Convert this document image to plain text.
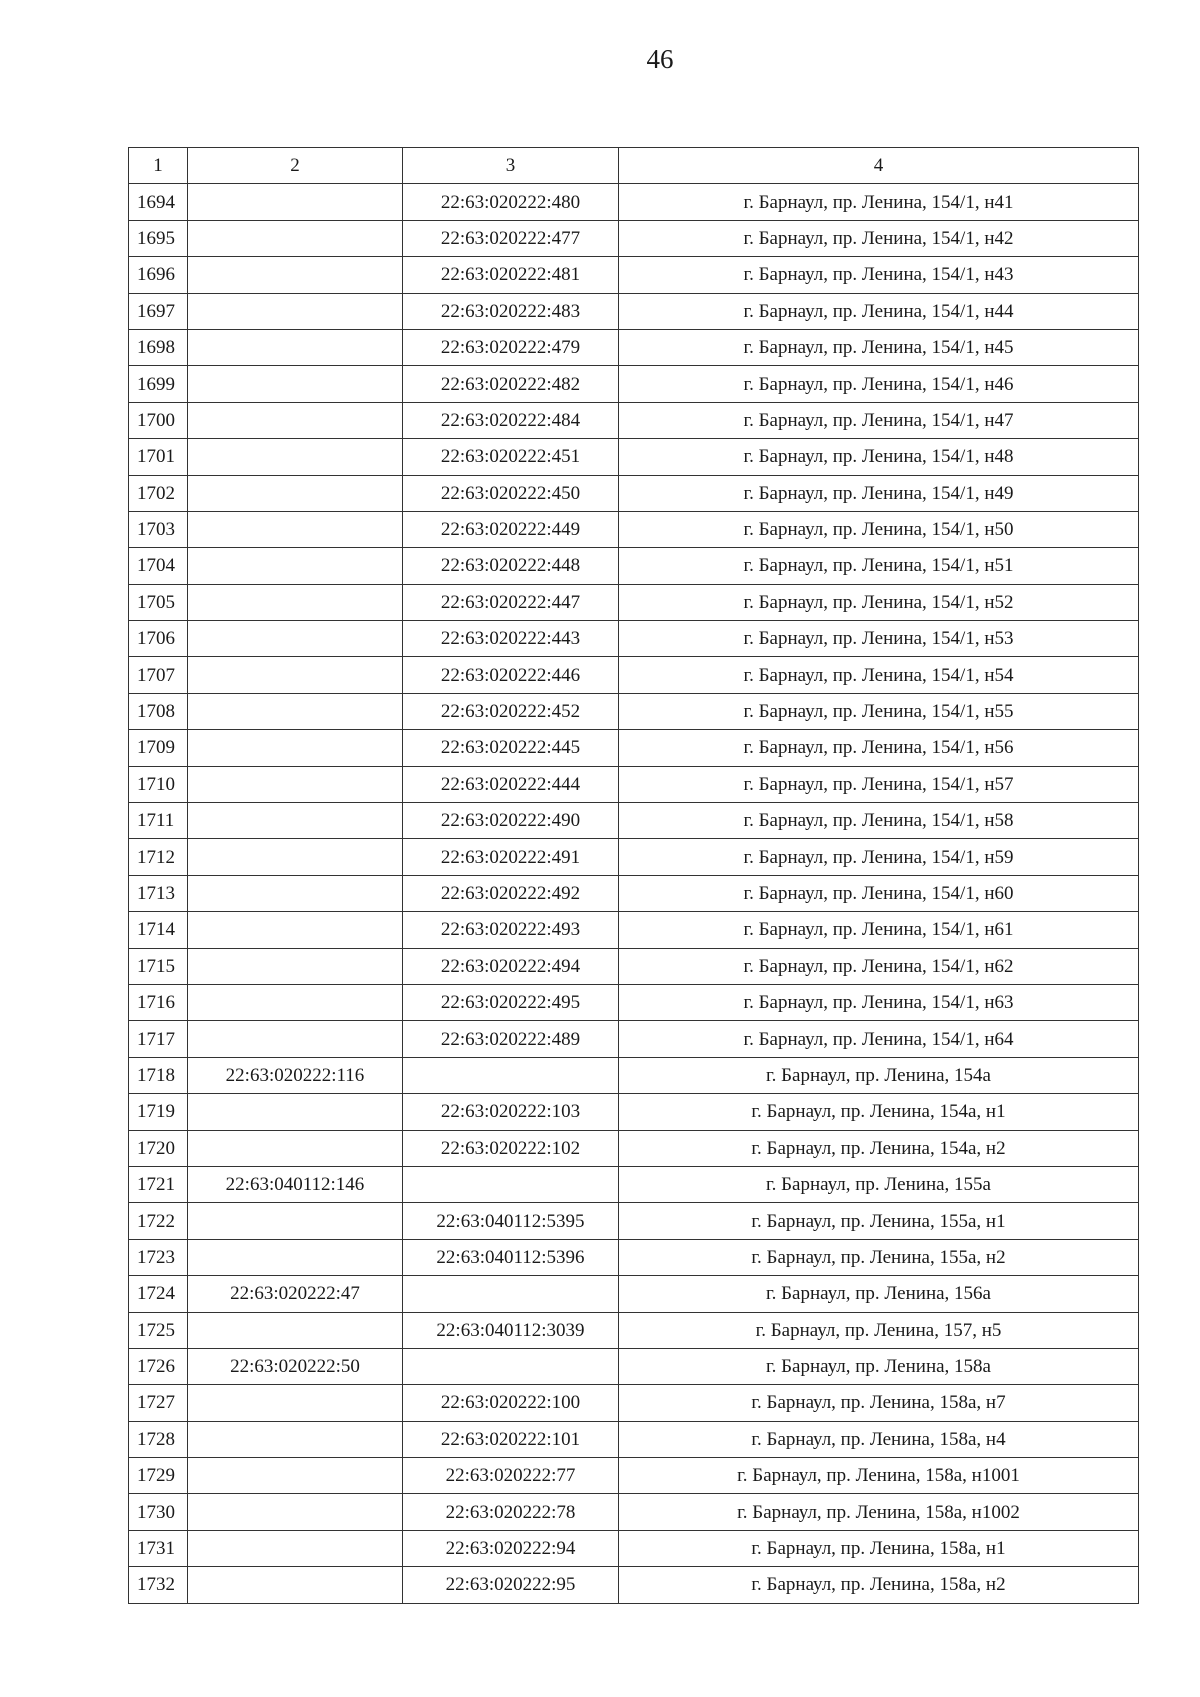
46
1	2	3	4
1694		22:63:020222:480	г. Барнаул, пр. Ленина, 154/1, н41
1695		22:63:020222:477	г. Барнаул, пр. Ленина, 154/1, н42
1696		22:63:020222:481	г. Барнаул, пр. Ленина, 154/1, н43
1697		22:63:020222:483	г. Барнаул, пр. Ленина, 154/1, н44
1698		22:63:020222:479	г. Барнаул, пр. Ленина, 154/1, н45
1699		22:63:020222:482	г. Барнаул, пр. Ленина, 154/1, н46
1700		22:63:020222:484	г. Барнаул, пр. Ленина, 154/1, н47
1701		22:63:020222:451	г. Барнаул, пр. Ленина, 154/1, н48
1702		22:63:020222:450	г. Барнаул, пр. Ленина, 154/1, н49
1703		22:63:020222:449	г. Барнаул, пр. Ленина, 154/1, н50
1704		22:63:020222:448	г. Барнаул, пр. Ленина, 154/1, н51
1705		22:63:020222:447	г. Барнаул, пр. Ленина, 154/1, н52
1706		22:63:020222:443	г. Барнаул, пр. Ленина, 154/1, н53
1707		22:63:020222:446	г. Барнаул, пр. Ленина, 154/1, н54
1708		22:63:020222:452	г. Барнаул, пр. Ленина, 154/1, н55
1709		22:63:020222:445	г. Барнаул, пр. Ленина, 154/1, н56
1710		22:63:020222:444	г. Барнаул, пр. Ленина, 154/1, н57
1711		22:63:020222:490	г. Барнаул, пр. Ленина, 154/1, н58
1712		22:63:020222:491	г. Барнаул, пр. Ленина, 154/1, н59
1713		22:63:020222:492	г. Барнаул, пр. Ленина, 154/1, н60
1714		22:63:020222:493	г. Барнаул, пр. Ленина, 154/1, н61
1715		22:63:020222:494	г. Барнаул, пр. Ленина, 154/1, н62
1716		22:63:020222:495	г. Барнаул, пр. Ленина, 154/1, н63
1717		22:63:020222:489	г. Барнаул, пр. Ленина, 154/1, н64
1718	22:63:020222:116		г. Барнаул, пр. Ленина, 154а
1719		22:63:020222:103	г. Барнаул, пр. Ленина, 154а, н1
1720		22:63:020222:102	г. Барнаул, пр. Ленина, 154а, н2
1721	22:63:040112:146		г. Барнаул, пр. Ленина, 155а
1722		22:63:040112:5395	г. Барнаул, пр. Ленина, 155а, н1
1723		22:63:040112:5396	г. Барнаул, пр. Ленина, 155а, н2
1724	22:63:020222:47		г. Барнаул, пр. Ленина, 156а
1725		22:63:040112:3039	г. Барнаул, пр. Ленина, 157, н5
1726	22:63:020222:50		г. Барнаул, пр. Ленина, 158а
1727		22:63:020222:100	г. Барнаул, пр. Ленина, 158а, н7
1728		22:63:020222:101	г. Барнаул, пр. Ленина, 158а, н4
1729		22:63:020222:77	г. Барнаул, пр. Ленина, 158а, н1001
1730		22:63:020222:78	г. Барнаул, пр. Ленина, 158а, н1002
1731		22:63:020222:94	г. Барнаул, пр. Ленина, 158а, н1
1732		22:63:020222:95	г. Барнаул, пр. Ленина, 158а, н2
